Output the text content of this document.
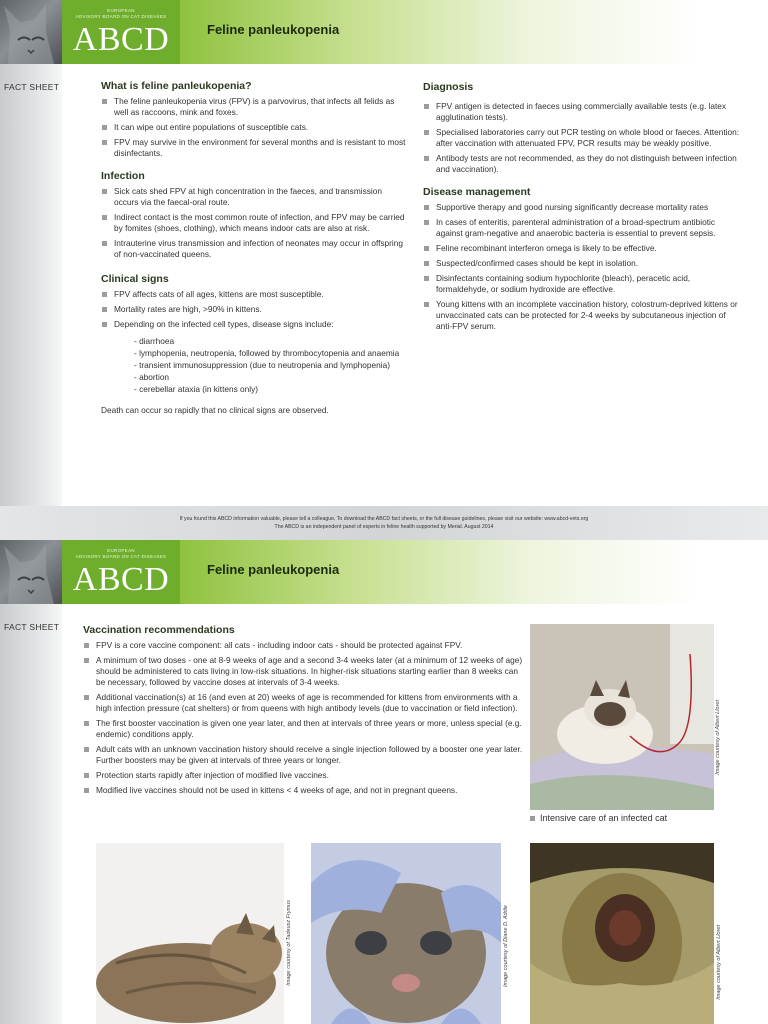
EUROPEAN
ADVISORY BOARD ON CAT DISEASES
ABCD	Feline panleukopenia
FACT SHEET	What is feline panleukopenia?
The feline panleukopenia virus (FPV) is a parvovirus, that infects all felids as well as raccoons, mink and foxes.
It can wipe out entire populations of susceptible cats.
FPV may survive in the environment for several months and is resistant to most disinfectants.
Infection
Sick cats shed FPV at high concentration in the faeces, and transmission occurs via the faecal-oral route.
Indirect contact is the most common route of infection, and FPV may be carried by fomites (shoes, clothing), which means indoor cats are also at risk.
Intrauterine virus transmission and infection of neonates may occur in offspring of non-vaccinated queens.
Clinical signs
FPV affects cats of all ages, kittens are most susceptible.
Mortality rates are high, >90% in kittens.
Depending on the infected cell types, disease signs include:
- diarrhoea
- lymphopenia, neutropenia, followed by thrombocytopenia and anaemia
- transient immunosuppression (due to neutropenia and lymphopenia)
- abortion
- cerebellar ataxia (in kittens only)

Death can occur so rapidly that no clinical signs are observed.

Diagnosis
FPV antigen is detected in faeces using commercially available tests (e.g. latex agglutination tests).
Specialised laboratories carry out PCR testing on whole blood or faeces. Attention: after vaccination with attenuated FPV, PCR results may be weakly positive.
Antibody tests are not recommended, as they do not distinguish between infection and vaccination).
Disease management
Supportive therapy and good nursing significantly decrease mortality rates
In cases of enteritis, parenteral administration of a broad-spectrum antibiotic against gram-negative and anaerobic bacteria is essential to prevent sepsis.
Feline recombinant interferon omega is likely to be effective.
Suspected/confirmed cases should be kept in isolation.
Disinfectants containing sodium hypochlorite (bleach), peracetic acid, formaldehyde, or sodium hydroxide are effective.
Young kittens with an incomplete vaccination history, colostrum-deprived kittens or unvaccinated cats can be protected for 2-4 weeks by subcutaneous injection of anti-FPV serum.

If you found this ABCD information valuable, please tell a colleague. To download the ABCD fact sheets, or the full disease guidelines, please visit our website: www.abcd-vets.org

The ABCD is an independent panel of experts in feline health supported by Merial. August 2014

EUROPEAN
ADVISORY BOARD ON CAT DISEASES
ABCD	Feline panleukopenia
FACT SHEET Vaccination recommendations
FPV is a core vaccine component: all cats - including indoor cats - should be protected against FPV.
A minimum of two doses - one at 8-9 weeks of age and a second 3-4 weeks later (at a minimum of 12 weeks of age) should be administered to cats living in low-risk situations. In higher-risk situations starting earlier than 8 weeks can be necessary, followed by vaccine doses at intervals of 3-4 weeks.
Additional vaccination(s) at 16 (and even at 20) weeks of age is recommended for kittens from environments with a high infection pressure (cat shelters) or from queens with high antibody levels (due to vaccination or field infection).
The first booster vaccination is given one year later, and then at intervals of three years or more, unless special (e.g. endemic) conditions apply.
Adult cats with an unknown vaccination history should receive a single injection followed by a booster one year later. Further boosters may be given at intervals of three years or longer.
Protection starts rapidly after injection of modified live vaccines.
Modified live vaccines should not be used in kittens < 4 weeks of age, and not in pregnant queens.
Image courtesy of Albert Lloret
Intensive care of an infected cat
Image courtesy of Tadeusz Frymus	Image courtesy of Diane D. Addie	Image courtesy of Albert Lloret
